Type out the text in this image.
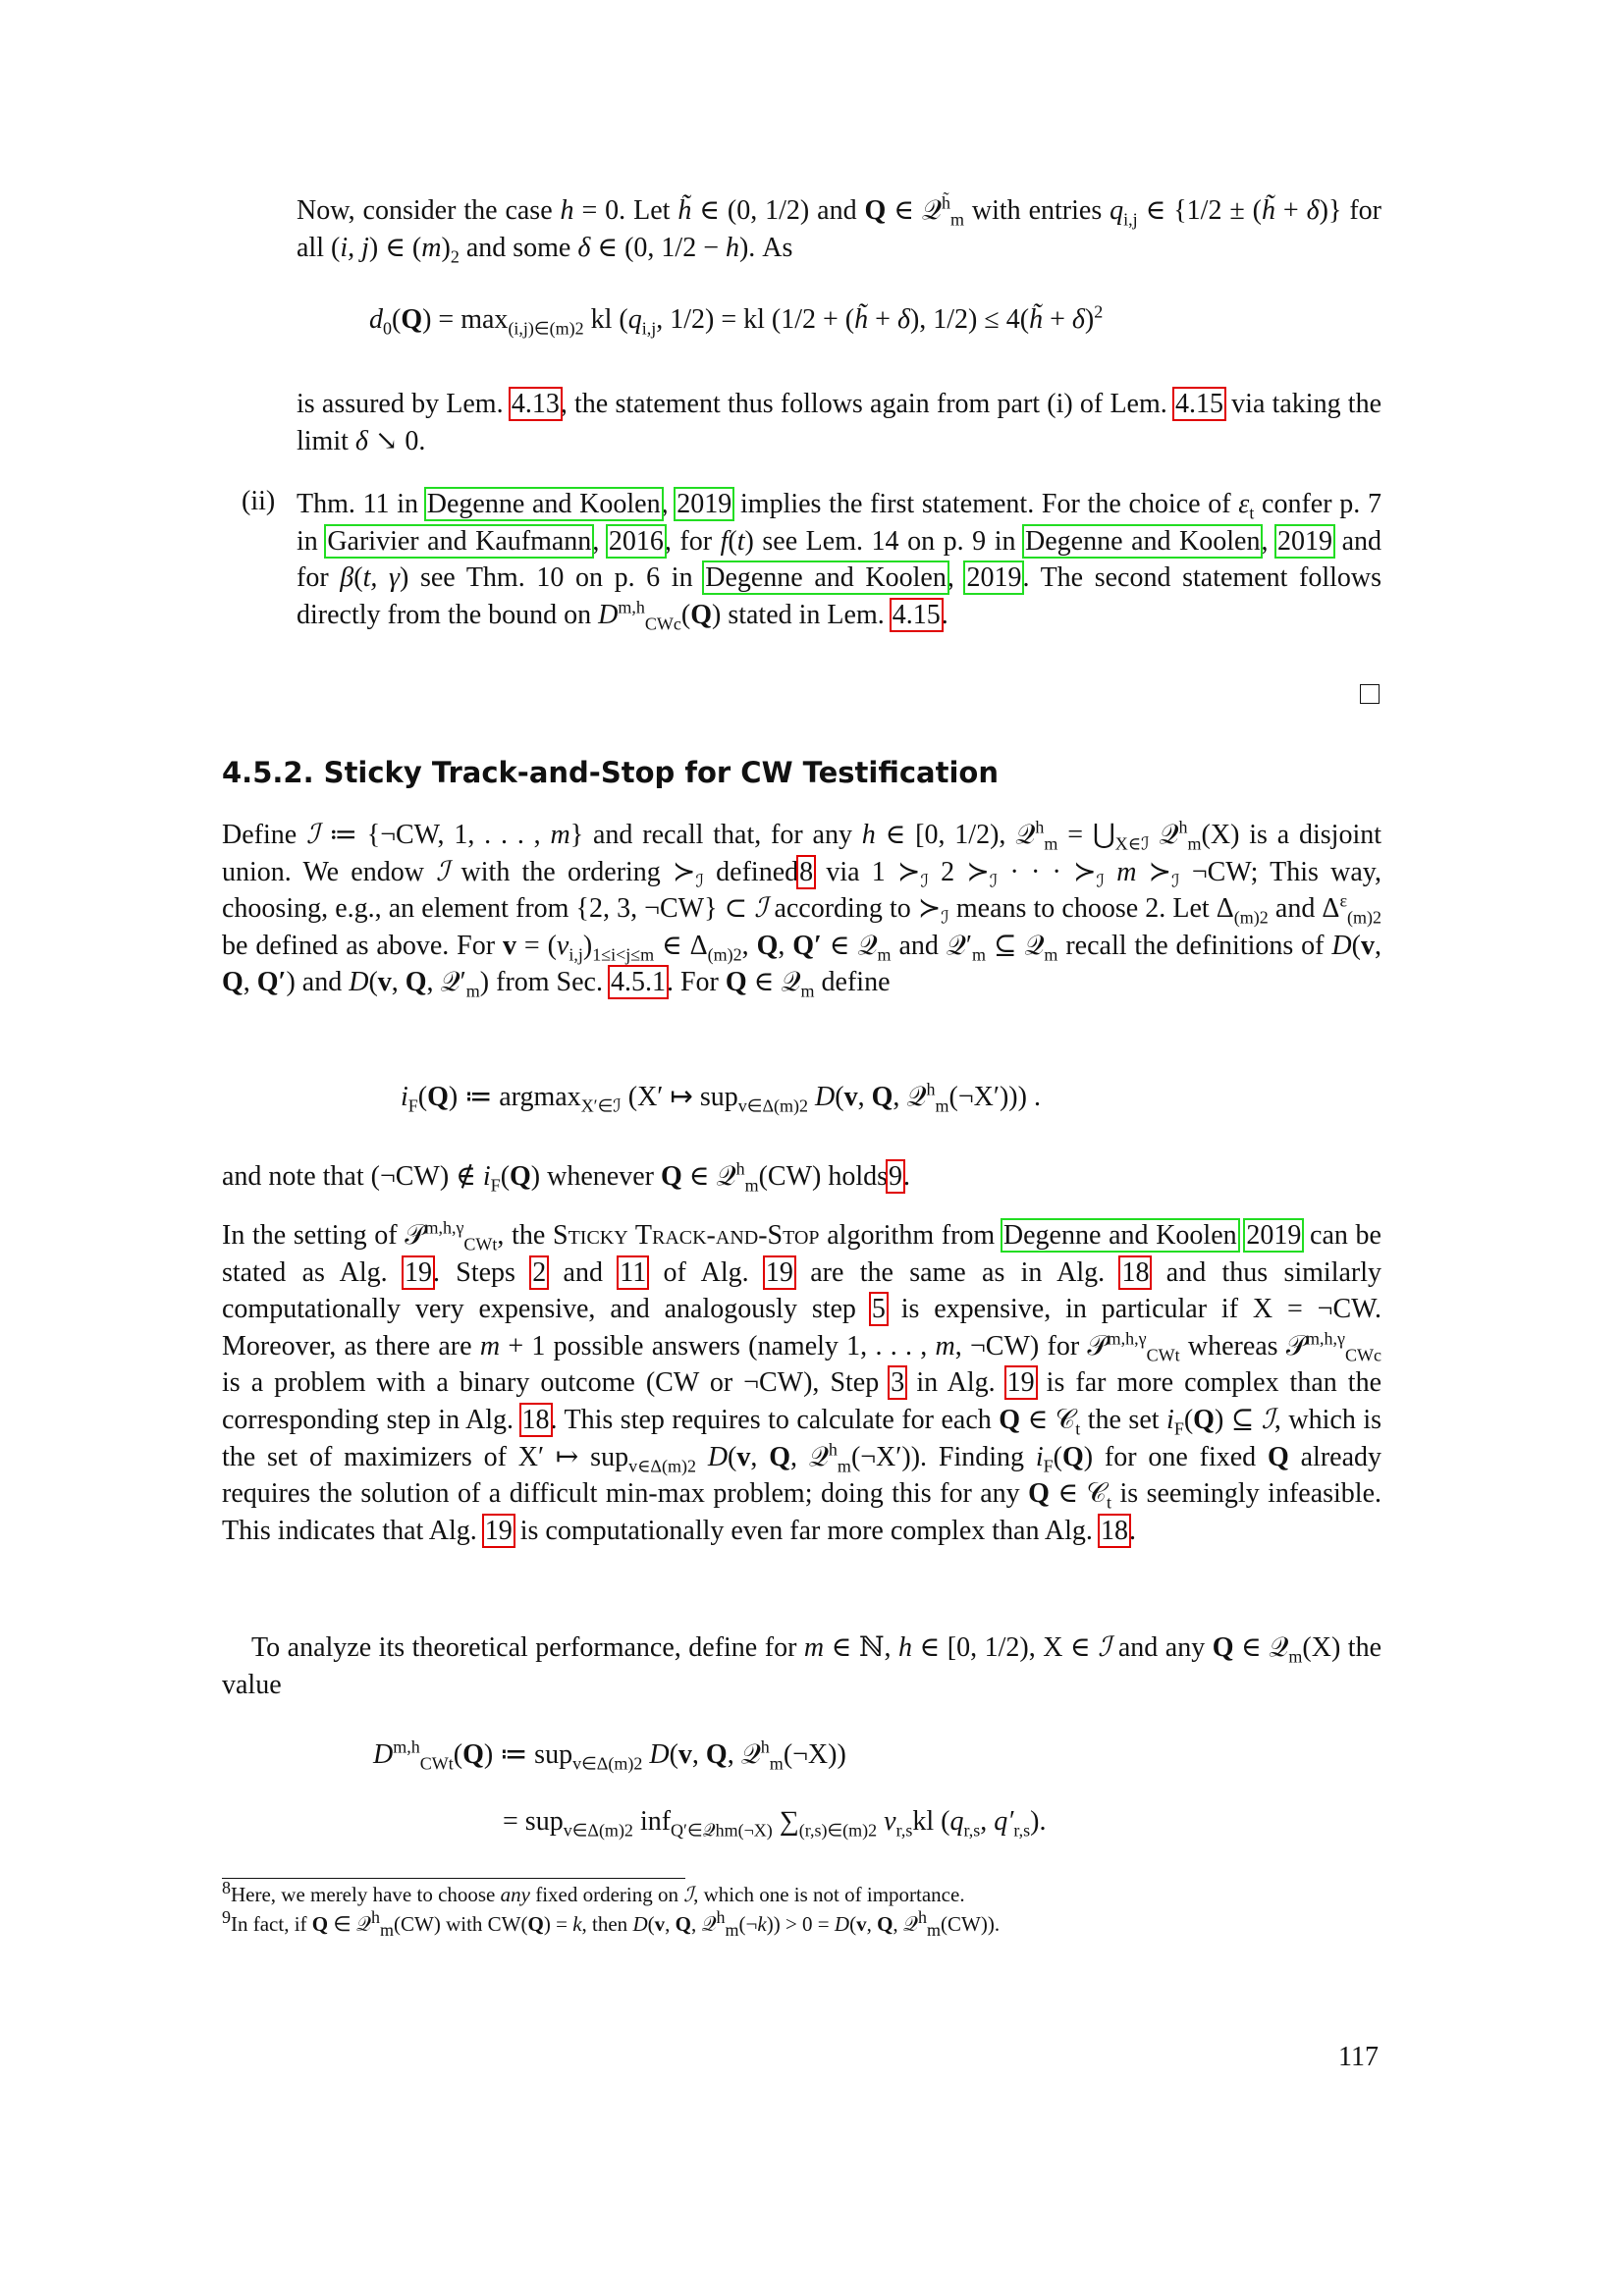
Now, consider the case h = 0. Let h̃ ∈ (0, 1/2) and Q ∈ 𝒬$^{h̃}_m$ with entries $q_{i,j}$ ∈ {1/2 ± (h̃ + δ)} for all (i, j) ∈ $(m)_2$ and some δ ∈ (0, 1/2 − h). As
$d_0(Q) = \max_{(i,j)\in(m)2}$ kl ($q_{i,j}$, 1/2) = kl (1/2 + (h̃ + δ), 1/2) ≤ 4(h̃ + δ)$^2$
is assured by Lem. 4.13, the statement thus follows again from part (i) of Lem. 4.15 via taking the limit δ ↘ 0.
(ii) Thm. 11 in Degenne and Koolen, 2019 implies the first statement. For the choice of $\varepsilon_t$ confer p. 7 in Garivier and Kaufmann, 2016, for f(t) see Lem. 14 on p. 9 in Degenne and Koolen, 2019 and for β(t, γ) see Thm. 10 on p. 6 in Degenne and Koolen, 2019. The second statement follows directly from the bound on D$^{m,h}_{CWc}$(Q) stated in Lem. 4.15.
4.5.2. Sticky Track-and-Stop for CW Testification
Define ℐ ≔ {¬CW, 1, . . . , m} and recall that, for any h ∈ [0, 1/2), 𝒬$^h_m$ = $⋃_{X\in ℐ}$ 𝒬$^h_m$(X) is a disjoint union. We endow ℐ with the ordering $≻_ℐ$ defined8 via 1 $≻_ℐ$ 2 $≻_ℐ$ · · · $≻_ℐ$ m $≻_ℐ$ ¬CW; This way, choosing, e.g., an element from {2, 3, ¬CW} ⊂ ℐ according to $≻_ℐ$ means to choose 2. Let $\Delta_{(m)2}$ and $\Delta^\varepsilon_{(m)2}$ be defined as above. For $v = (v_{i,j})_{1\le i<j\le m}$ ∈ $\Delta_{(m)2}$, Q, Q′ ∈ 𝒬$_m$ and $𝒬'_m$ ⊆ 𝒬$_m$ recall the definitions of D(v, Q, Q′) and D(v, Q, $𝒬'_m$) from Sec. 4.5.1. For Q ∈ 𝒬$_m$ define
$i_F(Q)$ ≔ argmax$_{X'\in ℐ}$ (X′ ↦ sup$_{v\in\Delta(m)2}$ D(v, Q, 𝒬$^h_m$(¬X′))) .
and note that (¬CW) ∉ $i_F(Q)$ whenever Q ∈ 𝒬$^h_m$(CW) holds9.
In the setting of 𝒫$^{m,h,\gamma}_{CWt}$, the Sticky Track-and-Stop algorithm from Degenne and Koolen 2019 can be stated as Alg. 19. Steps 2 and 11 of Alg. 19 are the same as in Alg. 18 and thus similarly computationally very expensive, and analogously step 5 is expensive, in particular if X = ¬CW. Moreover, as there are m + 1 possible answers (namely 1, . . . , m, ¬CW) for 𝒫$^{m,h,\gamma}_{CWt}$ whereas 𝒫$^{m,h,\gamma}_{CWc}$ is a problem with a binary outcome (CW or ¬CW), Step 3 in Alg. 19 is far more complex than the corresponding step in Alg. 18. This step requires to calculate for each Q ∈ 𝒞$_t$ the set $i_F(Q)$ ⊆ ℐ, which is the set of maximizers of X′ ↦ sup$_{v\in\Delta(m)2}$ D(v, Q, 𝒬$^h_m$(¬X′)). Finding $i_F(Q)$ for one fixed Q already requires the solution of a difficult min-max problem; doing this for any Q ∈ 𝒞$_t$ is seemingly infeasible. This indicates that Alg. 19 is computationally even far more complex than Alg. 18.
To analyze its theoretical performance, define for m ∈ ℕ, h ∈ [0, 1/2), X ∈ ℐ and any Q ∈ 𝒬$_m$(X) the value
D$^{m,h}_{CWt}$(Q) ≔ sup$_{v\in\Delta(m)2}$ D(v, Q, 𝒬$^h_m$(¬X))
= sup$_{v\in\Delta(m)2}$ inf$_{Q'\in 𝒬hm(\neg X)}$ $\sum_{(r,s)\in(m)2}$ $v_{r,s}kl$ ($q_{r,s}$, $q'_{r,s}$).
$^8$Here, we merely have to choose any fixed ordering on ℐ, which one is not of importance.
$^9$In fact, if Q ∈ 𝒬$^h_m$(CW) with CW(Q) = k, then D(v, Q, 𝒬$^h_m$(¬k)) > 0 = D(v, Q, 𝒬$^h_m$(CW)).
117
